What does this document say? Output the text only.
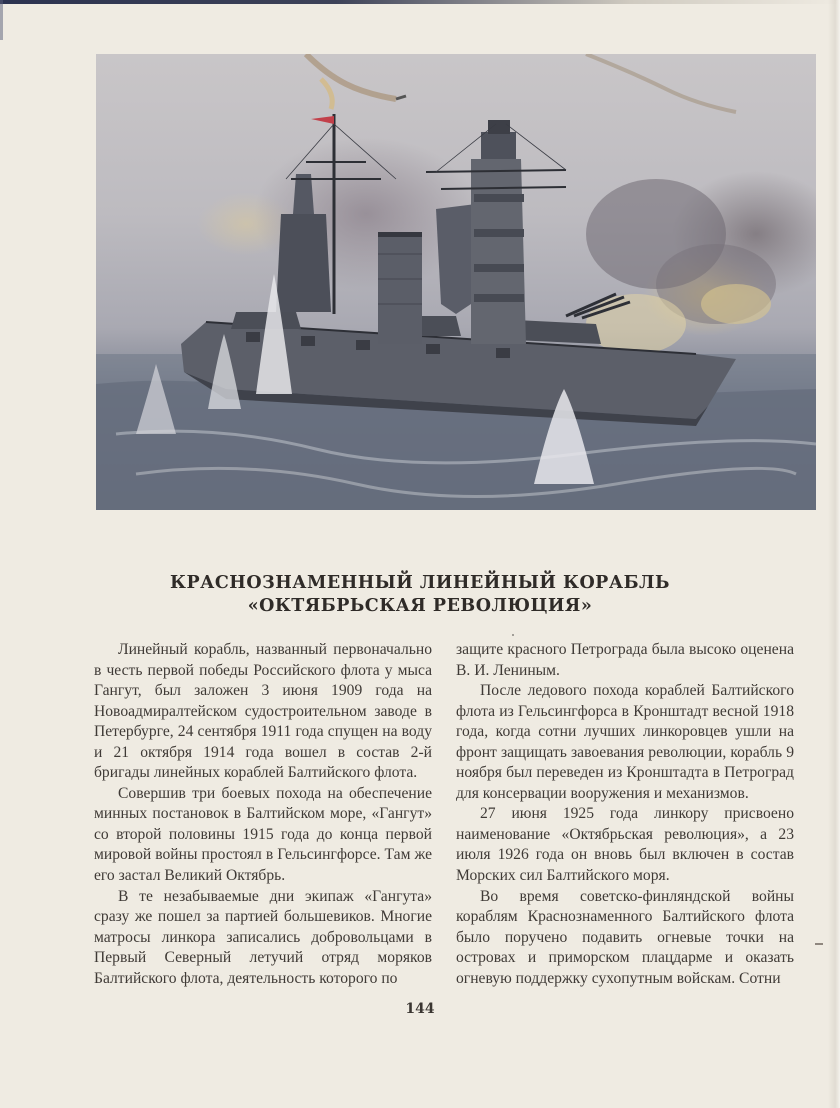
КРАСНОЗНАМЕННЫЙ ЛИНЕЙНЫЙ КОРАБЛЬ
«ОКТЯБРЬСКАЯ РЕВОЛЮЦИЯ»

Линейный корабль, названный первоначально в честь первой победы Российского флота у мыса Гангут, был заложен 3 июня 1909 года на Новоадмиралтейском судостроительном заводе в Петербурге, 24 сентября 1911 года спущен на воду и 21 октября 1914 года вошел в состав 2-й бригады линейных кораблей Балтийского флота.

Совершив три боевых похода на обеспечение минных постановок в Балтийском море, «Гангут» со второй половины 1915 года до конца первой мировой войны простоял в Гельсингфорсе. Там же его застал Великий Октябрь.

В те незабываемые дни экипаж «Гангута» сразу же пошел за партией большевиков. Многие матросы линкора записались добровольцами в Первый Северный летучий отряд моряков Балтийского флота, деятельность которого по

защите красного Петрограда была высоко оценена В. И. Лениным.

После ледового похода кораблей Балтийского флота из Гельсингфорса в Кронштадт весной 1918 года, когда сотни лучших линкоровцев ушли на фронт защищать завоевания революции, корабль 9 ноября был переведен из Кронштадта в Петроград для консервации вооружения и механизмов.

27 июня 1925 года линкору присвоено наименование «Октябрьская революция», а 23 июля 1926 года он вновь был включен в состав Морских сил Балтийского моря.

Во время советско-финляндской войны кораблям Краснознаменного Балтийского флота было поручено подавить огневые точки на островах и приморском плацдарме и оказать огневую поддержку сухопутным войскам. Сотни

144
